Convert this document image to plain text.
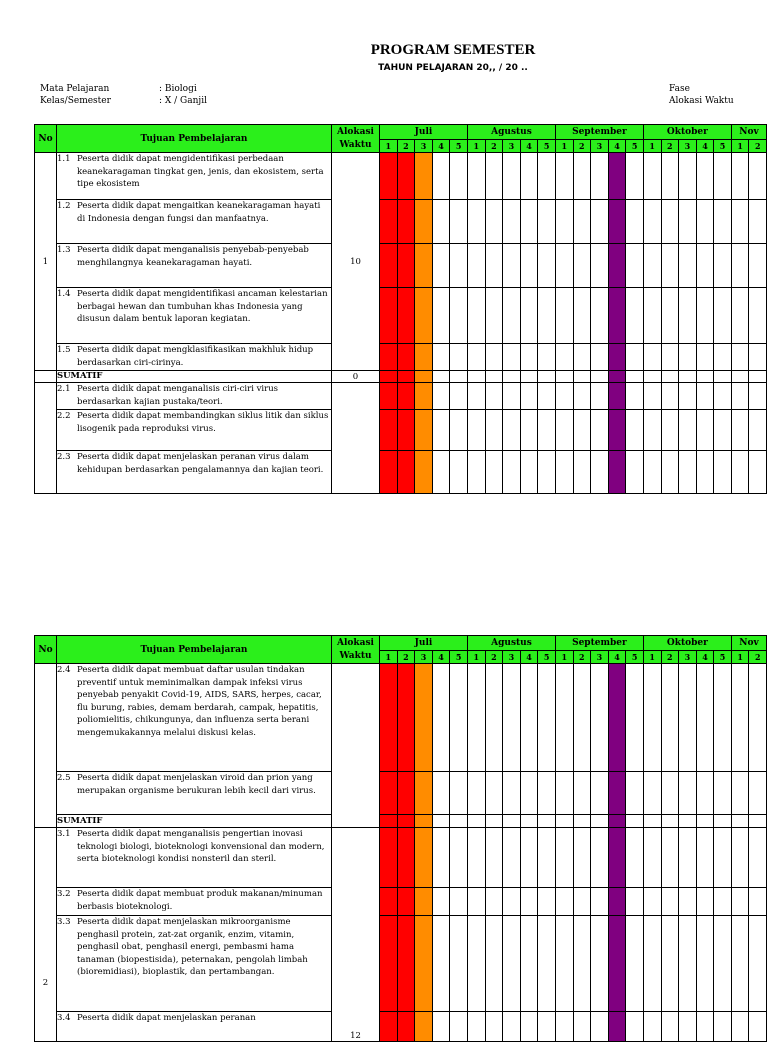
PROGRAM SEMESTER
TAHUN PELAJARAN 20,, / 20 ..
Mata Pelajaran	: Biologi
Kelas/Semester	: X / Ganjil
Fase
Alokasi Waktu
No	Tujuan Pembelajaran	Alokasi
Waktu	Juli					Agustus					September					Oktober					Nov	
			1	2	3	4	5	1	2	3	4	5	1	2	3	4	5	1	2	3	4	5	1	2
1	1.1 Peserta didik dapat mengidentifikasi perbedaan keanekaragaman tingkat gen, jenis, dan ekosistem, serta tipe ekosistem	10																						

	1.2 Peserta didik dapat mengaitkan keanekaragaman hayati di Indonesia dengan fungsi dan manfaatnya.																							

	1.3 Peserta didik dapat menganalisis penyebab-penyebab menghilangnya keanekaragaman hayati.																							

	1.4 Peserta didik dapat mengidentifikasi ancaman kelestarian berbagai hewan dan tumbuhan khas Indonesia yang disusun dalam bentuk laporan kegiatan.																							

	1.5 Peserta didik dapat mengklasifikasikan makhluk hidup berdasarkan ciri-cirinya.																							

	SUMATIF	0																						

	2.1 Peserta didik dapat menganalisis ciri-ciri virus berdasarkan kajian pustaka/teori.																							

	2.2 Peserta didik dapat membandingkan siklus litik dan siklus lisogenik pada reproduksi virus.																							

	2.3 Peserta didik dapat menjelaskan peranan virus dalam kehidupan berdasarkan pengalamannya dan kajian teori.																							

No	Tujuan Pembelajaran	Alokasi
Waktu	Juli					Agustus					September					Oktober					Nov	
			1	2	3	4	5	1	2	3	4	5	1	2	3	4	5	1	2	3	4	5	1	2

	2.4 Peserta didik dapat membuat daftar usulan tindakan preventif untuk meminimalkan dampak infeksi virus penyebab penyakit Covid-19, AIDS, SARS, herpes, cacar, flu burung, rabies, demam berdarah, campak, hepatitis, poliomielitis, chikungunya, dan influenza serta berani mengemukakannya melalui diskusi kelas.																							

	2.5 Peserta didik dapat menjelaskan viroid dan prion yang merupakan organisme berukuran lebih kecil dari virus.																							

	SUMATIF																							
2	3.1 Peserta didik dapat menganalisis pengertian inovasi teknologi biologi, bioteknologi konvensional dan modern, serta bioteknologi kondisi nonsteril dan steril.	12																						

	3.2 Peserta didik dapat membuat produk makanan/minuman berbasis bioteknologi.																							

	3.3 Peserta didik dapat menjelaskan mikroorganisme penghasil protein, zat-zat organik, enzim, vitamin, penghasil obat, penghasil energi, pembasmi hama tanaman (biopestisida), peternakan, pengolah limbah (bioremidiasi), bioplastik, dan pertambangan.																							

	3.4 Peserta didik dapat menjelaskan peranan																							
